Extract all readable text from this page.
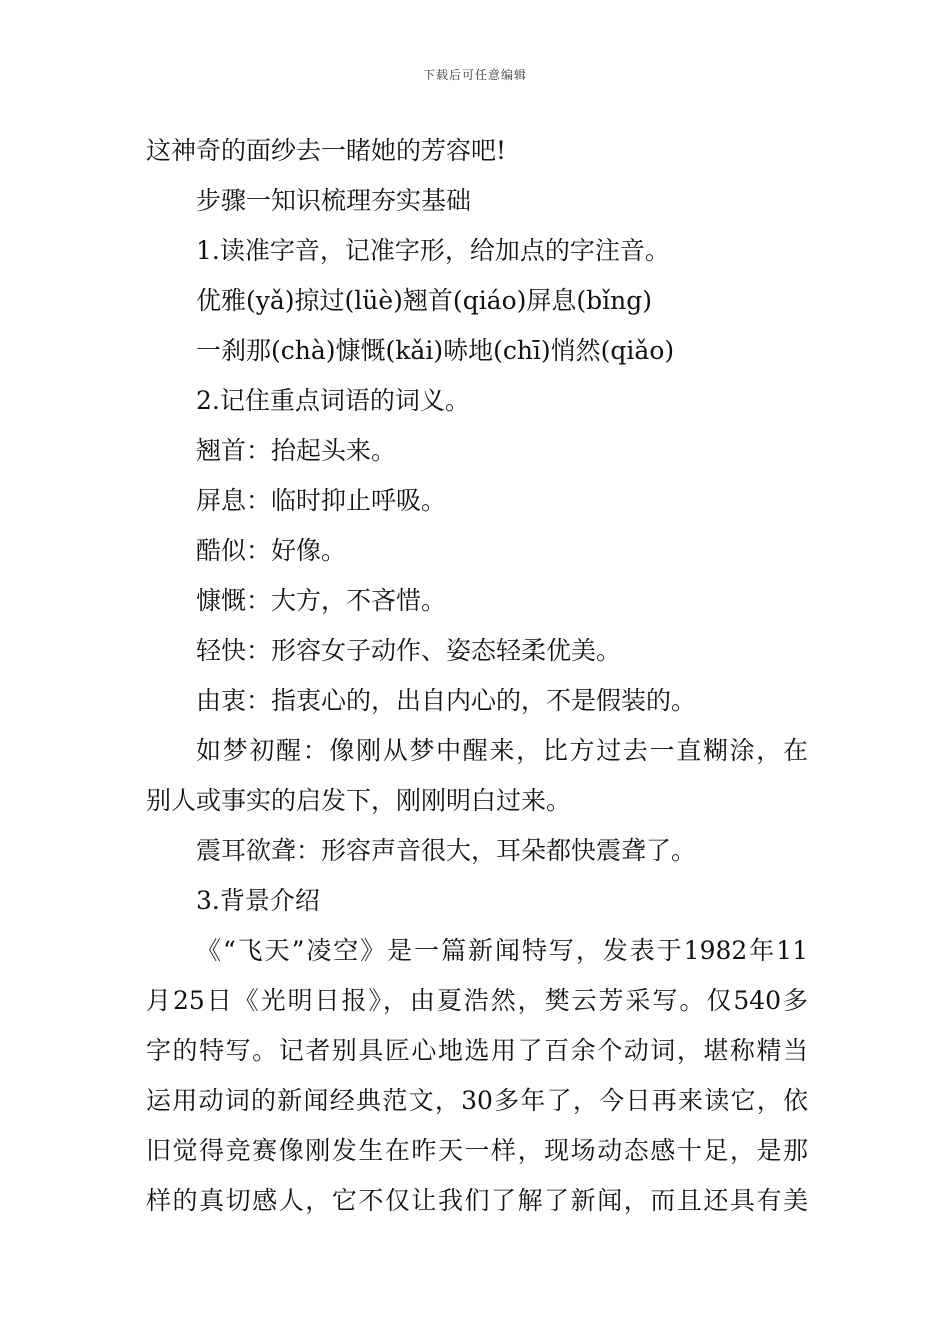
下载后可任意编辑
这神奇的面纱去一睹她的芳容吧!
步骤一知识梳理夯实基础
1.读准字音，记准字形，给加点的字注音。
优雅(yǎ)掠过(lüè)翘首(qiáo)屏息(bǐng)
一刹那(chà)慷慨(kǎi)哧地(chī)悄然(qiǎo)
2.记住重点词语的词义。
翘首：抬起头来。
屏息：临时抑止呼吸。
酷似：好像。
慷慨：大方，不吝惜。
轻快：形容女子动作、姿态轻柔优美。
由衷：指衷心的，出自内心的，不是假装的。
如梦初醒：像刚从梦中醒来，比方过去一直糊涂，在
别人或事实的启发下，刚刚明白过来。
震耳欲聋：形容声音很大，耳朵都快震聋了。
3.背景介绍
《“飞天”凌空》是一篇新闻特写，发表于1982年11
月25日《光明日报》，由夏浩然，樊云芳采写。仅540多
字的特写。记者别具匠心地选用了百余个动词，堪称精当
运用动词的新闻经典范文，30多年了，今日再来读它，依
旧觉得竞赛像刚发生在昨天一样，现场动态感十足，是那
样的真切感人，它不仅让我们了解了新闻，而且还具有美
